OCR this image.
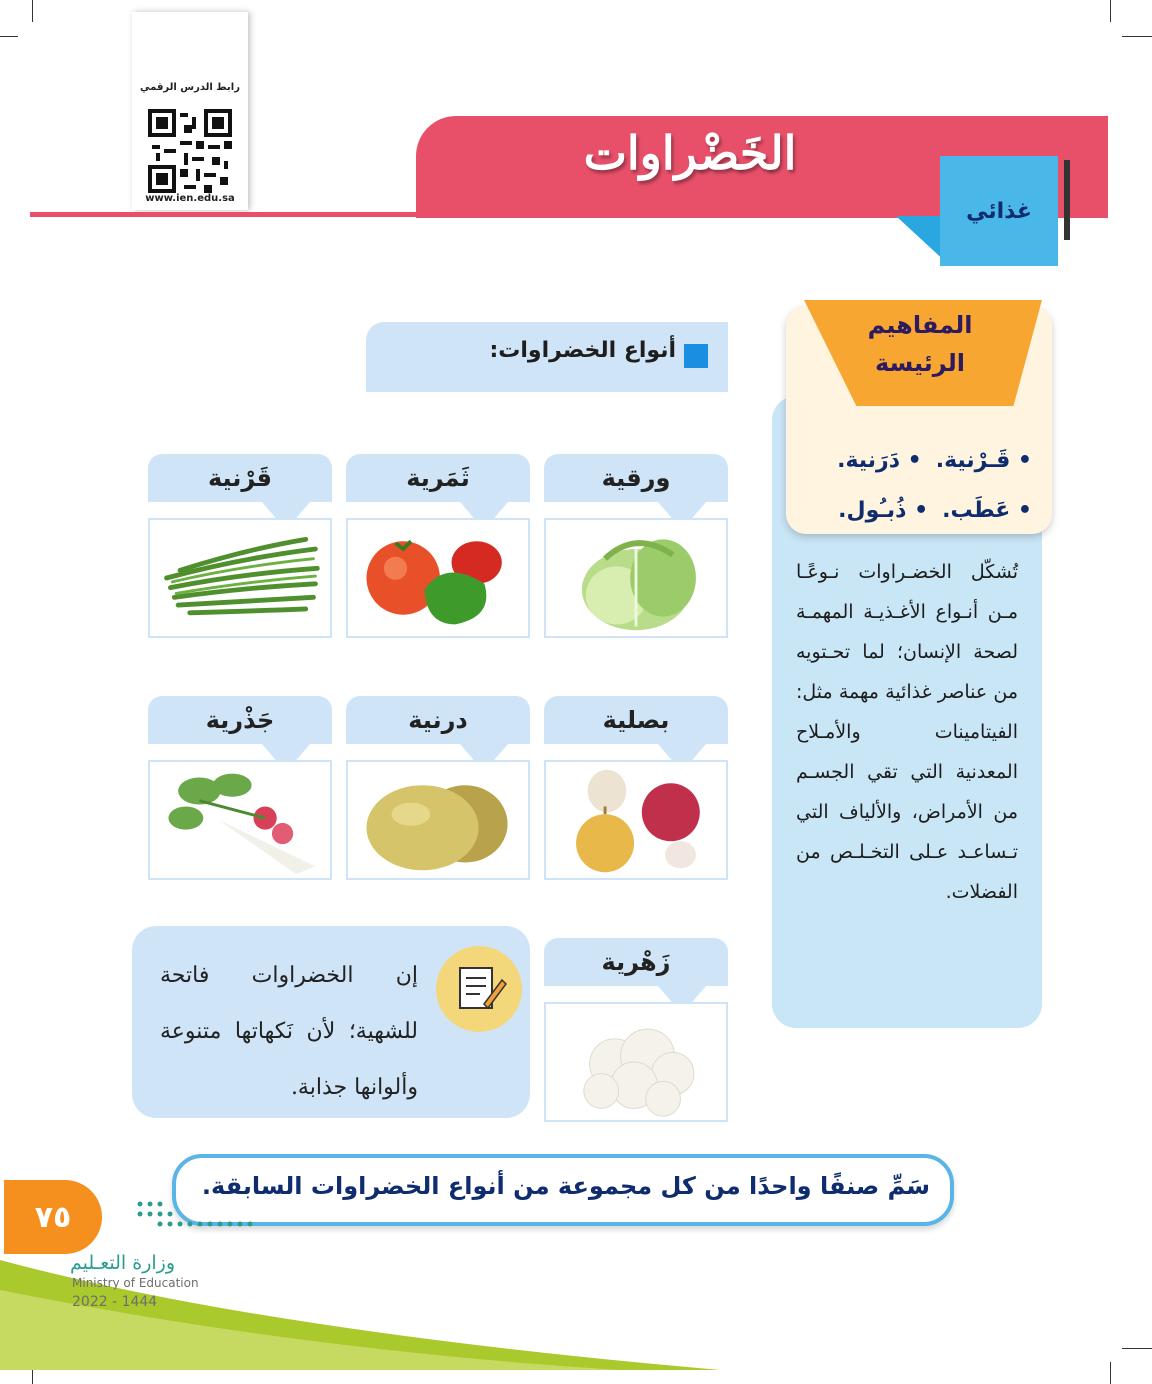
رابط الدرس الرقمي
www.ien.edu.sa
الخَضْراوات
غذائي
المفاهيم
الرئيسة
• قَـرْنية.
• دَرَنية.
• عَطَب.
• ذُبـُول.
تُشكّل الخضـراوات نـوعًـا مـن أنـواع الأغـذيـة المهمـة لصحة الإنسان؛ لما تحـتويه من عناصر غذائية مهمة مثل: الفيتامينات والأمـلاح المعدنية التي تقي الجسـم من الأمراض، والألياف التي تـساعـد عـلى التخـلـص من الفضلات.
أنواع الخضراوات:
ورقية
ثَمَرية
قَرْنية
بصلية
درنية
جَذْرية
زَهْرية
إن الخضراوات فاتحة للشهية؛ لأن نَكهاتها متنوعة وألوانها جذابة.
سَمِّ صنفًا واحدًا من كل مجموعة من أنواع الخضراوات السابقة.
٧٥
وزارة التعـليم
Ministry of Education
2022 - 1444
